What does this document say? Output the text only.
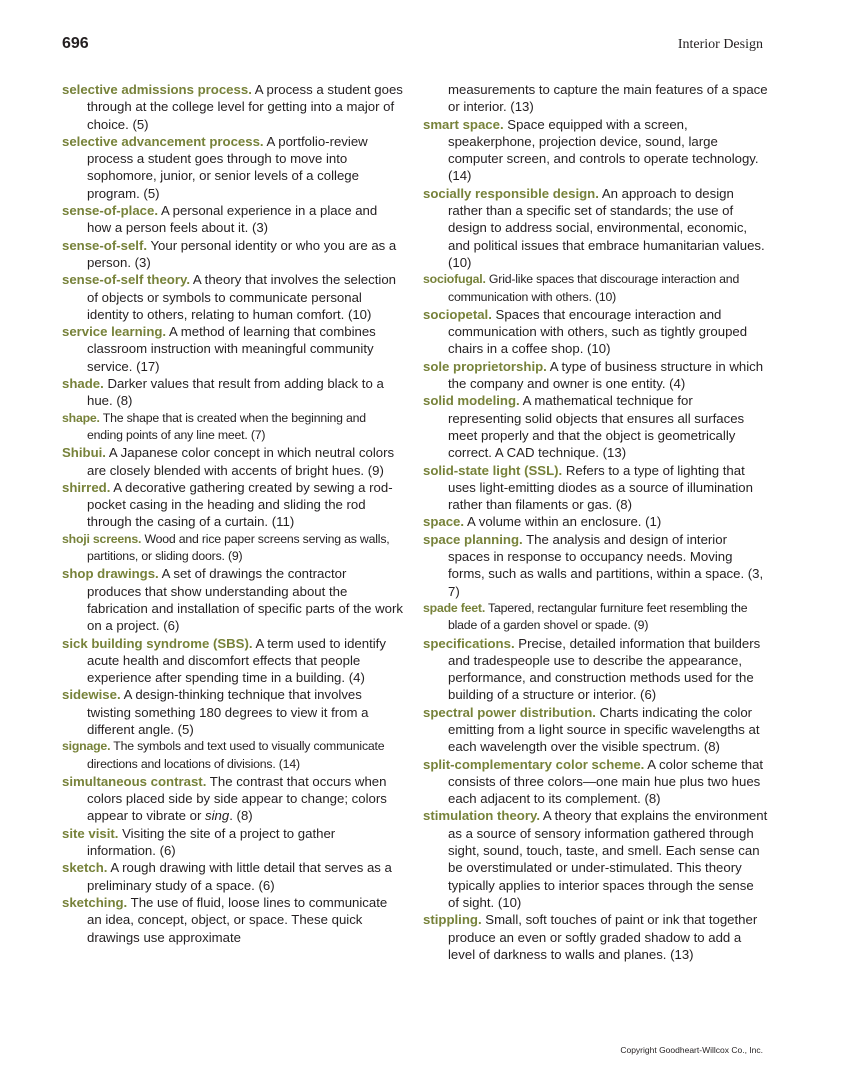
696	Interior Design

selective admissions process. A process a student goes through at the college level for getting into a major of choice. (5)

selective advancement process. A portfolio-review process a student goes through to move into sophomore, junior, or senior levels of a college program. (5)

sense-of-place. A personal experience in a place and how a person feels about it. (3)

sense-of-self. Your personal identity or who you are as a person. (3)

sense-of-self theory. A theory that involves the selection of objects or symbols to communicate personal identity to others, relating to human comfort. (10)

service learning. A method of learning that combines classroom instruction with meaningful community service. (17)

shade. Darker values that result from adding black to a hue. (8)

shape. The shape that is created when the beginning and ending points of any line meet. (7)

Shibui. A Japanese color concept in which neutral colors are closely blended with accents of bright hues. (9)

shirred. A decorative gathering created by sewing a rod-pocket casing in the heading and sliding the rod through the casing of a curtain. (11)

shoji screens. Wood and rice paper screens serving as walls, partitions, or sliding doors. (9)

shop drawings. A set of drawings the contractor produces that show understanding about the fabrication and installation of specific parts of the work on a project. (6)

sick building syndrome (SBS). A term used to identify acute health and discomfort effects that people experience after spending time in a building. (4)

sidewise. A design-thinking technique that involves twisting something 180 degrees to view it from a different angle. (5)

signage. The symbols and text used to visually communicate directions and locations of divisions. (14)

simultaneous contrast. The contrast that occurs when colors placed side by side appear to change; colors appear to vibrate or sing. (8)

site visit. Visiting the site of a project to gather information. (6)

sketch. A rough drawing with little detail that serves as a preliminary study of a space. (6)

sketching. The use of fluid, loose lines to communicate an idea, concept, object, or space. These quick drawings use approximate

measurements to capture the main features of a space or interior. (13)

smart space. Space equipped with a screen, speakerphone, projection device, sound, large computer screen, and controls to operate technology. (14)

socially responsible design. An approach to design rather than a specific set of standards; the use of design to address social, environmental, economic, and political issues that embrace humanitarian values. (10)

sociofugal. Grid-like spaces that discourage interaction and communication with others. (10)

sociopetal. Spaces that encourage interaction and communication with others, such as tightly grouped chairs in a coffee shop. (10)

sole proprietorship. A type of business structure in which the company and owner is one entity. (4)

solid modeling. A mathematical technique for representing solid objects that ensures all surfaces meet properly and that the object is geometrically correct. A CAD technique. (13)

solid-state light (SSL). Refers to a type of lighting that uses light-emitting diodes as a source of illumination rather than filaments or gas. (8)

space. A volume within an enclosure. (1)

space planning. The analysis and design of interior spaces in response to occupancy needs. Moving forms, such as walls and partitions, within a space. (3, 7)

spade feet. Tapered, rectangular furniture feet resembling the blade of a garden shovel or spade. (9)

specifications. Precise, detailed information that builders and tradespeople use to describe the appearance, performance, and construction methods used for the building of a structure or interior. (6)

spectral power distribution. Charts indicating the color emitting from a light source in specific wavelengths at each wavelength over the visible spectrum. (8)

split-complementary color scheme. A color scheme that consists of three colors—one main hue plus two hues each adjacent to its complement. (8)

stimulation theory. A theory that explains the environment as a source of sensory information gathered through sight, sound, touch, taste, and smell. Each sense can be overstimulated or under-stimulated. This theory typically applies to interior spaces through the sense of sight. (10)

stippling. Small, soft touches of paint or ink that together produce an even or softly graded shadow to add a level of darkness to walls and planes. (13)

Copyright Goodheart-Willcox Co., Inc.
